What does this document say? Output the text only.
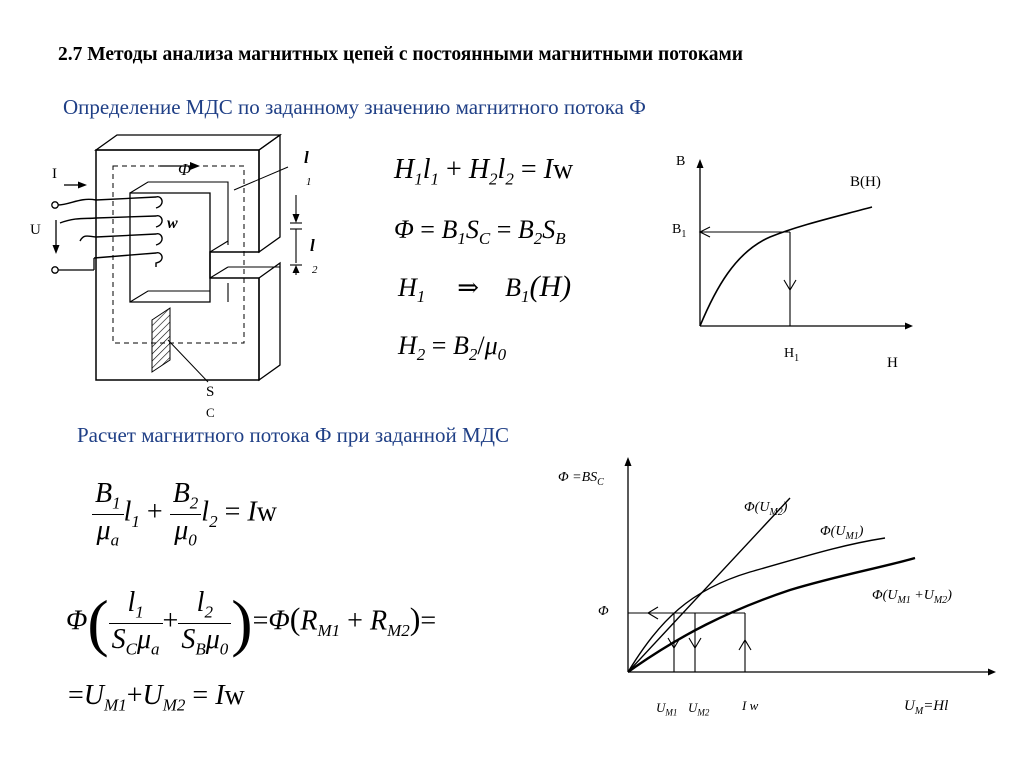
2.7 Методы анализа магнитных цепей с постоянными магнитными потоками
Определение МДС по заданному значению магнитного потока Ф
Расчет магнитного потока Ф при заданной МДС
I
U
Φ
w
l
1
l
2
S
C
$H_1l_1 + H_2l_2 = Iw$
$\Phi = B_1S_C = B_2S_B$
$H_1$ ⇒ $B_1(H)$
$H_2 = B_2/\mu_0$
B
B(H)
$B_1$
$H_1$	H
$\frac{B_1}{\mu_a} l_1 + \frac{B_2}{\mu_0} l_2 = Iw$
$\Phi( \frac{l_1}{S_C\mu_a} + \frac{l_2}{S_B\mu_0} )=\Phi(R_{M1} + R_{M2})=$
$=U_{M1}+U_{M2} = Iw$
$\Phi =BS_C$
$\Phi(U_{M2})$
$\Phi(U_{M1})$
$\Phi(U_{M1} +U_{M2})$
Φ
$U_{M1}$ $U_{M2}$	I w	$U_M=Hl$
